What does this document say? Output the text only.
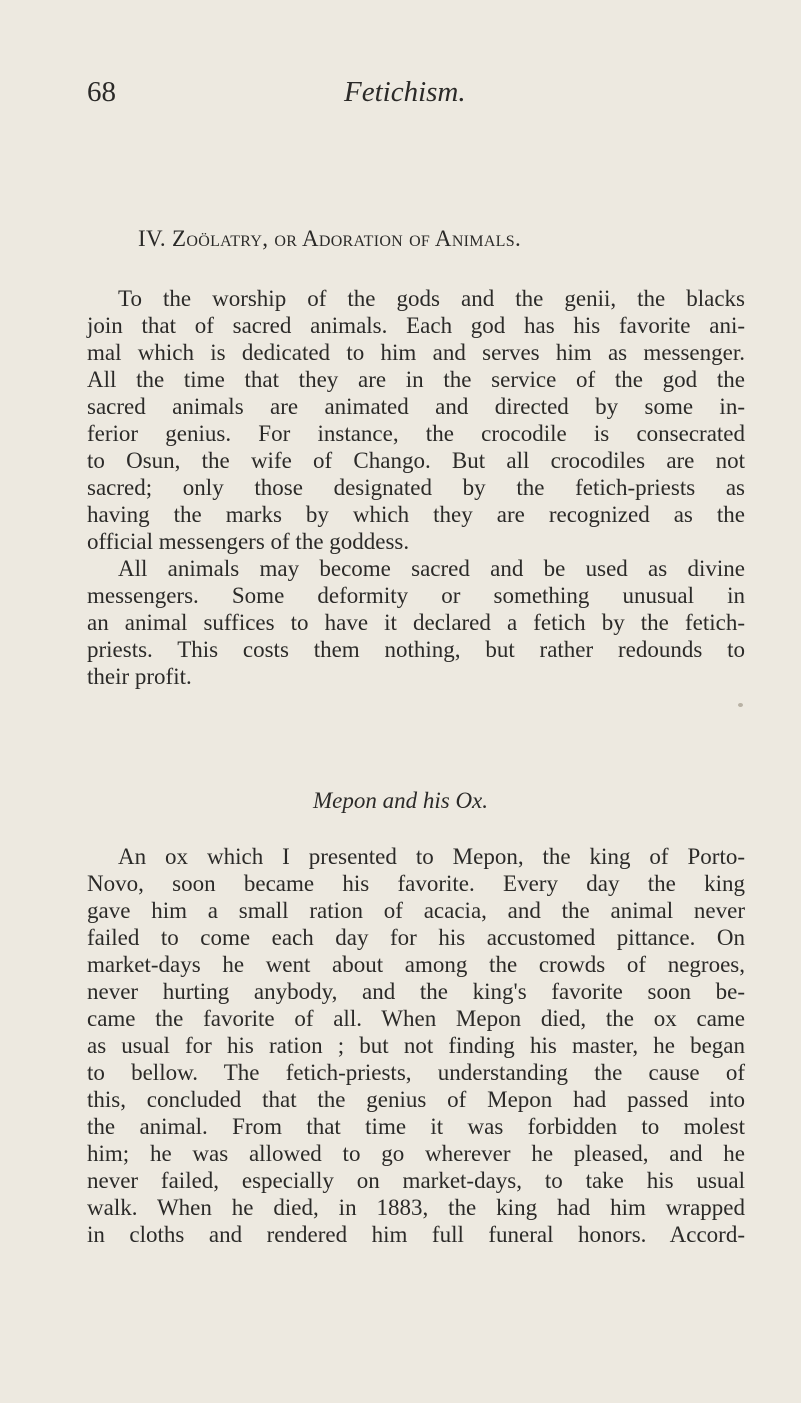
68	Fetichism.
IV. Zoölatry, or Adoration of Animals.
To the worship of the gods and the genii, the blacks
join that of sacred animals. Each god has his favorite ani-
mal which is dedicated to him and serves him as messenger.
All the time that they are in the service of the god the
sacred animals are animated and directed by some in-
ferior genius. For instance, the crocodile is consecrated
to Osun, the wife of Chango. But all crocodiles are not
sacred; only those designated by the fetich-priests as
having the marks by which they are recognized as the
official messengers of the goddess.
All animals may become sacred and be used as divine
messengers. Some deformity or something unusual in
an animal suffices to have it declared a fetich by the fetich-
priests. This costs them nothing, but rather redounds to
their profit.
Mepon and his Ox.
An ox which I presented to Mepon, the king of Porto-
Novo, soon became his favorite. Every day the king
gave him a small ration of acacia, and the animal never
failed to come each day for his accustomed pittance. On
market-days he went about among the crowds of negroes,
never hurting anybody, and the king's favorite soon be-
came the favorite of all. When Mepon died, the ox came
as usual for his ration ; but not finding his master, he began
to bellow. The fetich-priests, understanding the cause of
this, concluded that the genius of Mepon had passed into
the animal. From that time it was forbidden to molest
him; he was allowed to go wherever he pleased, and he
never failed, especially on market-days, to take his usual
walk. When he died, in 1883, the king had him wrapped
in cloths and rendered him full funeral honors. Accord-
